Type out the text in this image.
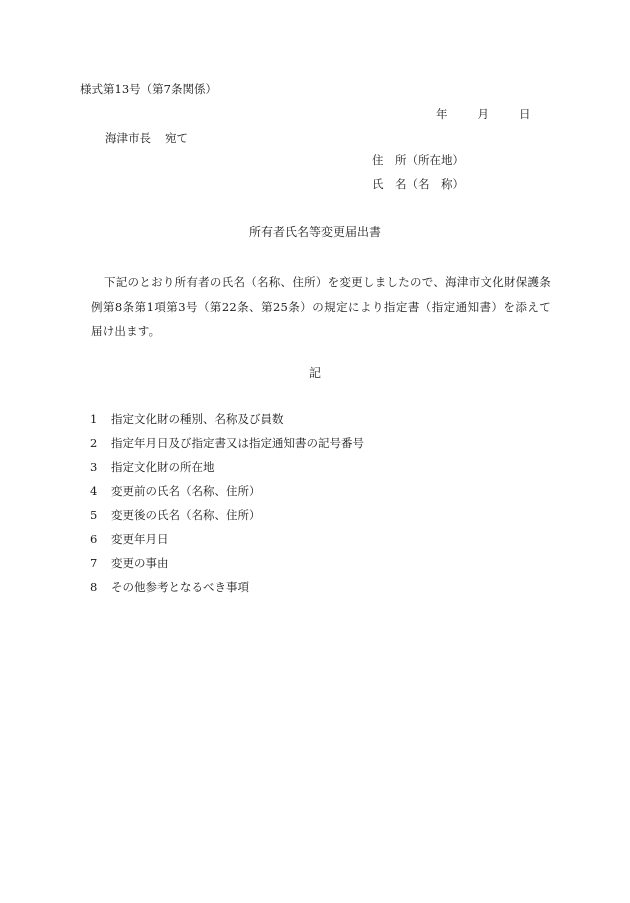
様式第13号（第7条関係）
年	月	日
海津市長 宛て
住　所（所在地）
氏　名（名　称）
所有者氏名等変更届出書
下記のとおり所有者の氏名（名称、住所）を変更しましたので、海津市文化財保護条例第8条第1項第3号（第22条、第25条）の規定により指定書（指定通知書）を添えて届け出ます。
記
1 指定文化財の種別、名称及び員数
2 指定年月日及び指定書又は指定通知書の記号番号
3 指定文化財の所在地
4 変更前の氏名（名称、住所）
5 変更後の氏名（名称、住所）
6 変更年月日
7 変更の事由
8 その他参考となるべき事項
